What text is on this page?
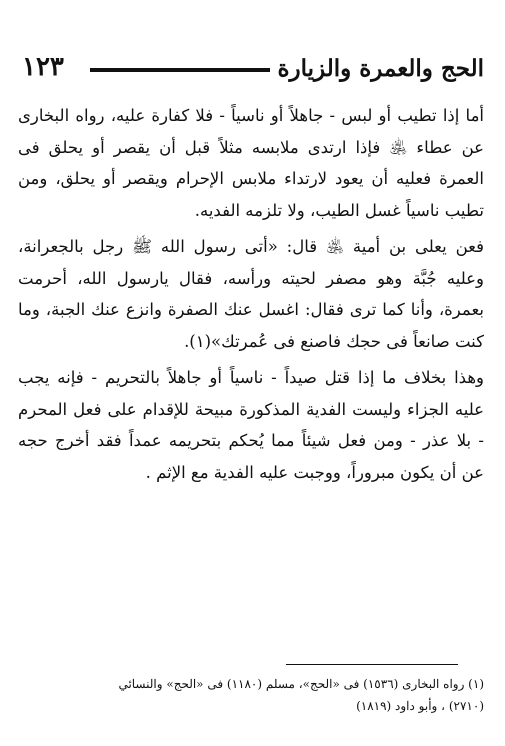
١٢٣	الحج والعمرة والزيارة

أما إذا تطيب أو لبس - جاهلاً أو ناسياً - فلا كفارة عليه، رواه البخارى عن عطاء ﵁ فإذا ارتدى ملابسه مثلاً قبل أن يقصر أو يحلق فى العمرة فعليه أن يعود لارتداء ملابس الإحرام ويقصر أو يحلق، ومن تطيب ناسياً غسل الطيب، ولا تلزمه الفديه.

فعن يعلى بن أمية ﵁ قال: «أتى رسول الله ﷺ رجل بالجعرانة، وعليه جُبَّة وهو مصفر لحيته ورأسه، فقال يارسول الله، أحرمت بعمرة، وأنا كما ترى فقال: اغسل عنك الصفرة وانزع عنك الجبة، وما كنت صانعاً فى حجك فاصنع فى عُمرتك»(١).

وهذا بخلاف ما إذا قتل صيداً - ناسياً أو جاهلاً بالتحريم - فإنه يجب عليه الجزاء وليست الفدية المذكورة مبيحة للإقدام على فعل المحرم - بلا عذر - ومن فعل شيئاً مما يُحكم بتحريمه عمداً فقد أخرج حجه عن أن يكون مبروراً، ووجبت عليه الفدية مع الإثم .

(١) رواه البخارى (١٥٣٦) فى «الحج»، مسلم (١١٨٠) فى «الحج» والنسائي
(٢٧١٠) ، وأبو داود (١٨١٩)
